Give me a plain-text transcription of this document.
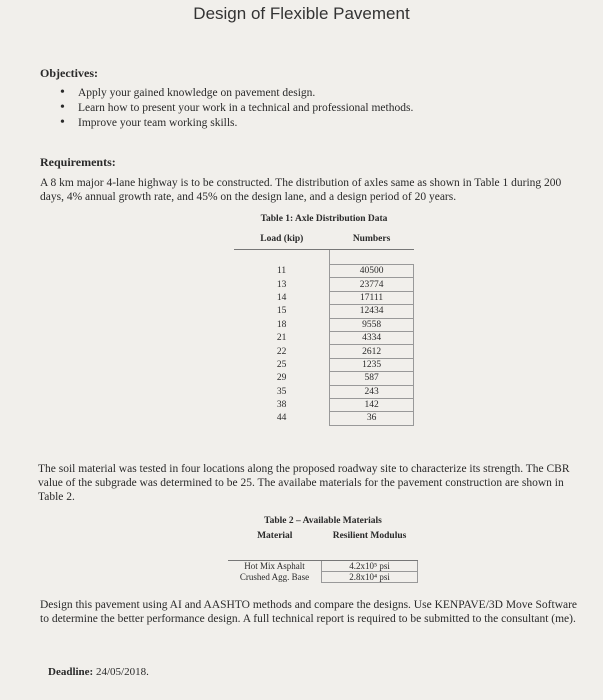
Design of Flexible Pavement
Objectives:
• Apply your gained knowledge on pavement design.
• Learn how to present your work in a technical and professional methods.
• Improve your team working skills.
Requirements:
A 8 km major 4-lane highway is to be constructed. The distribution of axles same as shown in Table 1 during 200 days, 4% annual growth rate, and 45% on the design lane, and a design period of 20 years.
Table 1: Axle Distribution Data
Load (kip)	Numbers

11	40500
13	23774
14	17111
15	12434
18	9558
21	4334
22	2612
25	1235
29	587
35	243
38	142
44	36
The soil material was tested in four locations along the proposed roadway site to characterize its strength. The CBR value of the subgrade was determined to be 25. The availabe materials for the pavement construction are shown in Table 2.
Table 2 – Available Materials
Material	Resilient Modulus
Hot Mix Asphalt	4.2x10⁵ psi
Crushed Agg. Base	2.8x10⁴ psi
Design this pavement using AI and AASHTO methods and compare the designs. Use KENPAVE/3D Move Software to determine the better performance design. A full technical report is required to be submitted to the consultant (me).
Deadline: 24/05/2018.
